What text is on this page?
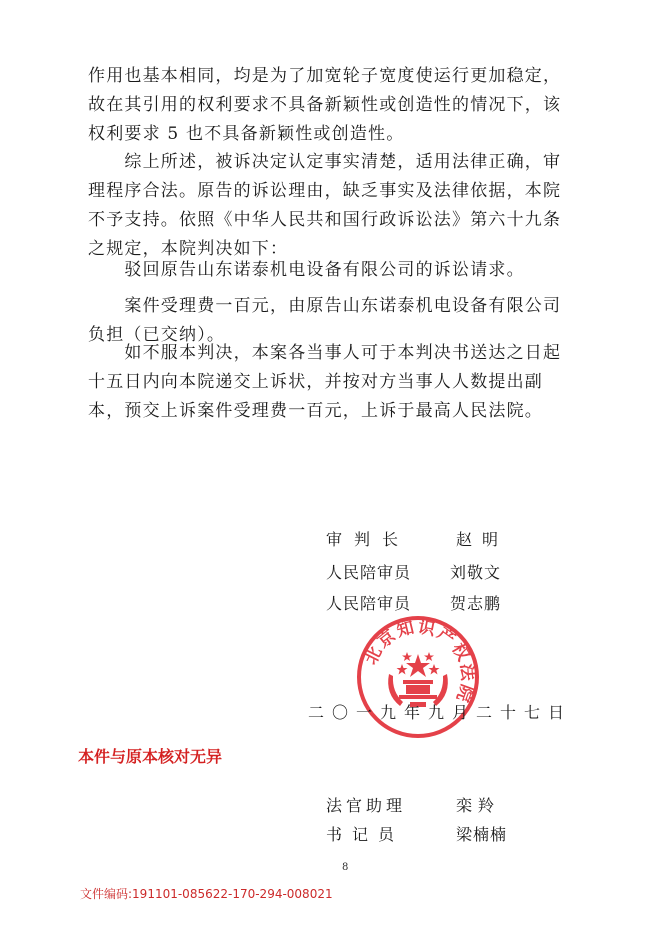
作用也基本相同，均是为了加宽轮子宽度使运行更加稳定，
故在其引用的权利要求不具备新颖性或创造性的情况下，该
权利要求 5 也不具备新颖性或创造性。
　　综上所述，被诉决定认定事实清楚，适用法律正确，审
理程序合法。原告的诉讼理由，缺乏事实及法律依据，本院
不予支持。依照《中华人民共和国行政诉讼法》第六十九条
之规定，本院判决如下：
　　驳回原告山东诺泰机电设备有限公司的诉讼请求。
　　案件受理费一百元，由原告山东诺泰机电设备有限公司
负担（已交纳）。
　　如不服本判决，本案各当事人可于本判决书送达之日起
十五日内向本院递交上诉状，并按对方当事人人数提出副
本，预交上诉案件受理费一百元，上诉于最高人民法院。
审判长	赵明
人民陪审员 刘敬文
人民陪审员 贺志鹏
北京知识产权法院
二〇一九年九月二十七日
本件与原本核对无异
法官助理	栾羚
书记员	梁楠楠
8
文件编码:191101-085622-170-294-008021
